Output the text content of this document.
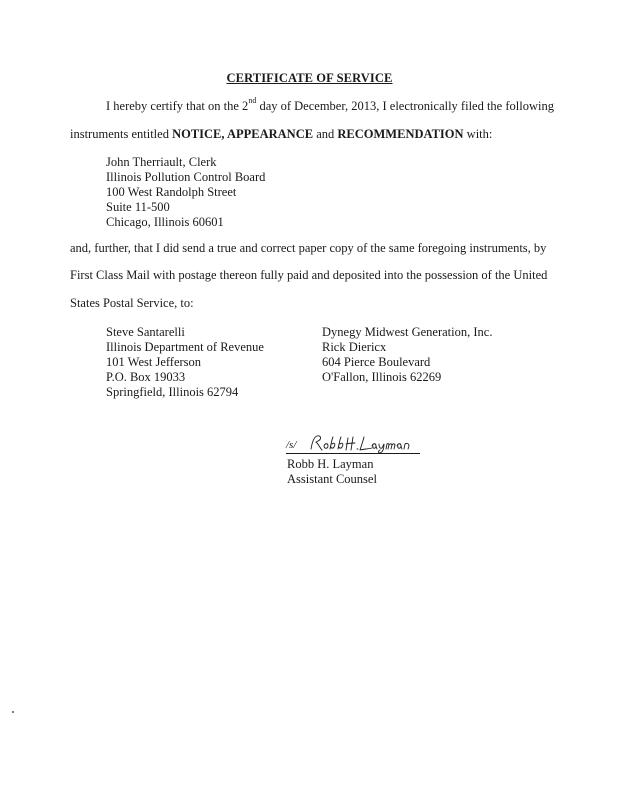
CERTIFICATE OF SERVICE
I hereby certify that on the 2nd day of December, 2013, I electronically filed the following
instruments entitled NOTICE, APPEARANCE and RECOMMENDATION with:
John Therriault, Clerk
Illinois Pollution Control Board
100 West Randolph Street
Suite 11-500
Chicago, Illinois 60601
and, further, that I did send a true and correct paper copy of the same foregoing instruments, by
First Class Mail with postage thereon fully paid and deposited into the possession of the United
States Postal Service, to:
Steve Santarelli
Illinois Department of Revenue
101 West Jefferson
P.O. Box 19033
Springfield, Illinois 62794
Dynegy Midwest Generation, Inc.
Rick Diericx
604 Pierce Boulevard
O'Fallon, Illinois 62269
/s/
Robb H. Layman
Assistant Counsel
